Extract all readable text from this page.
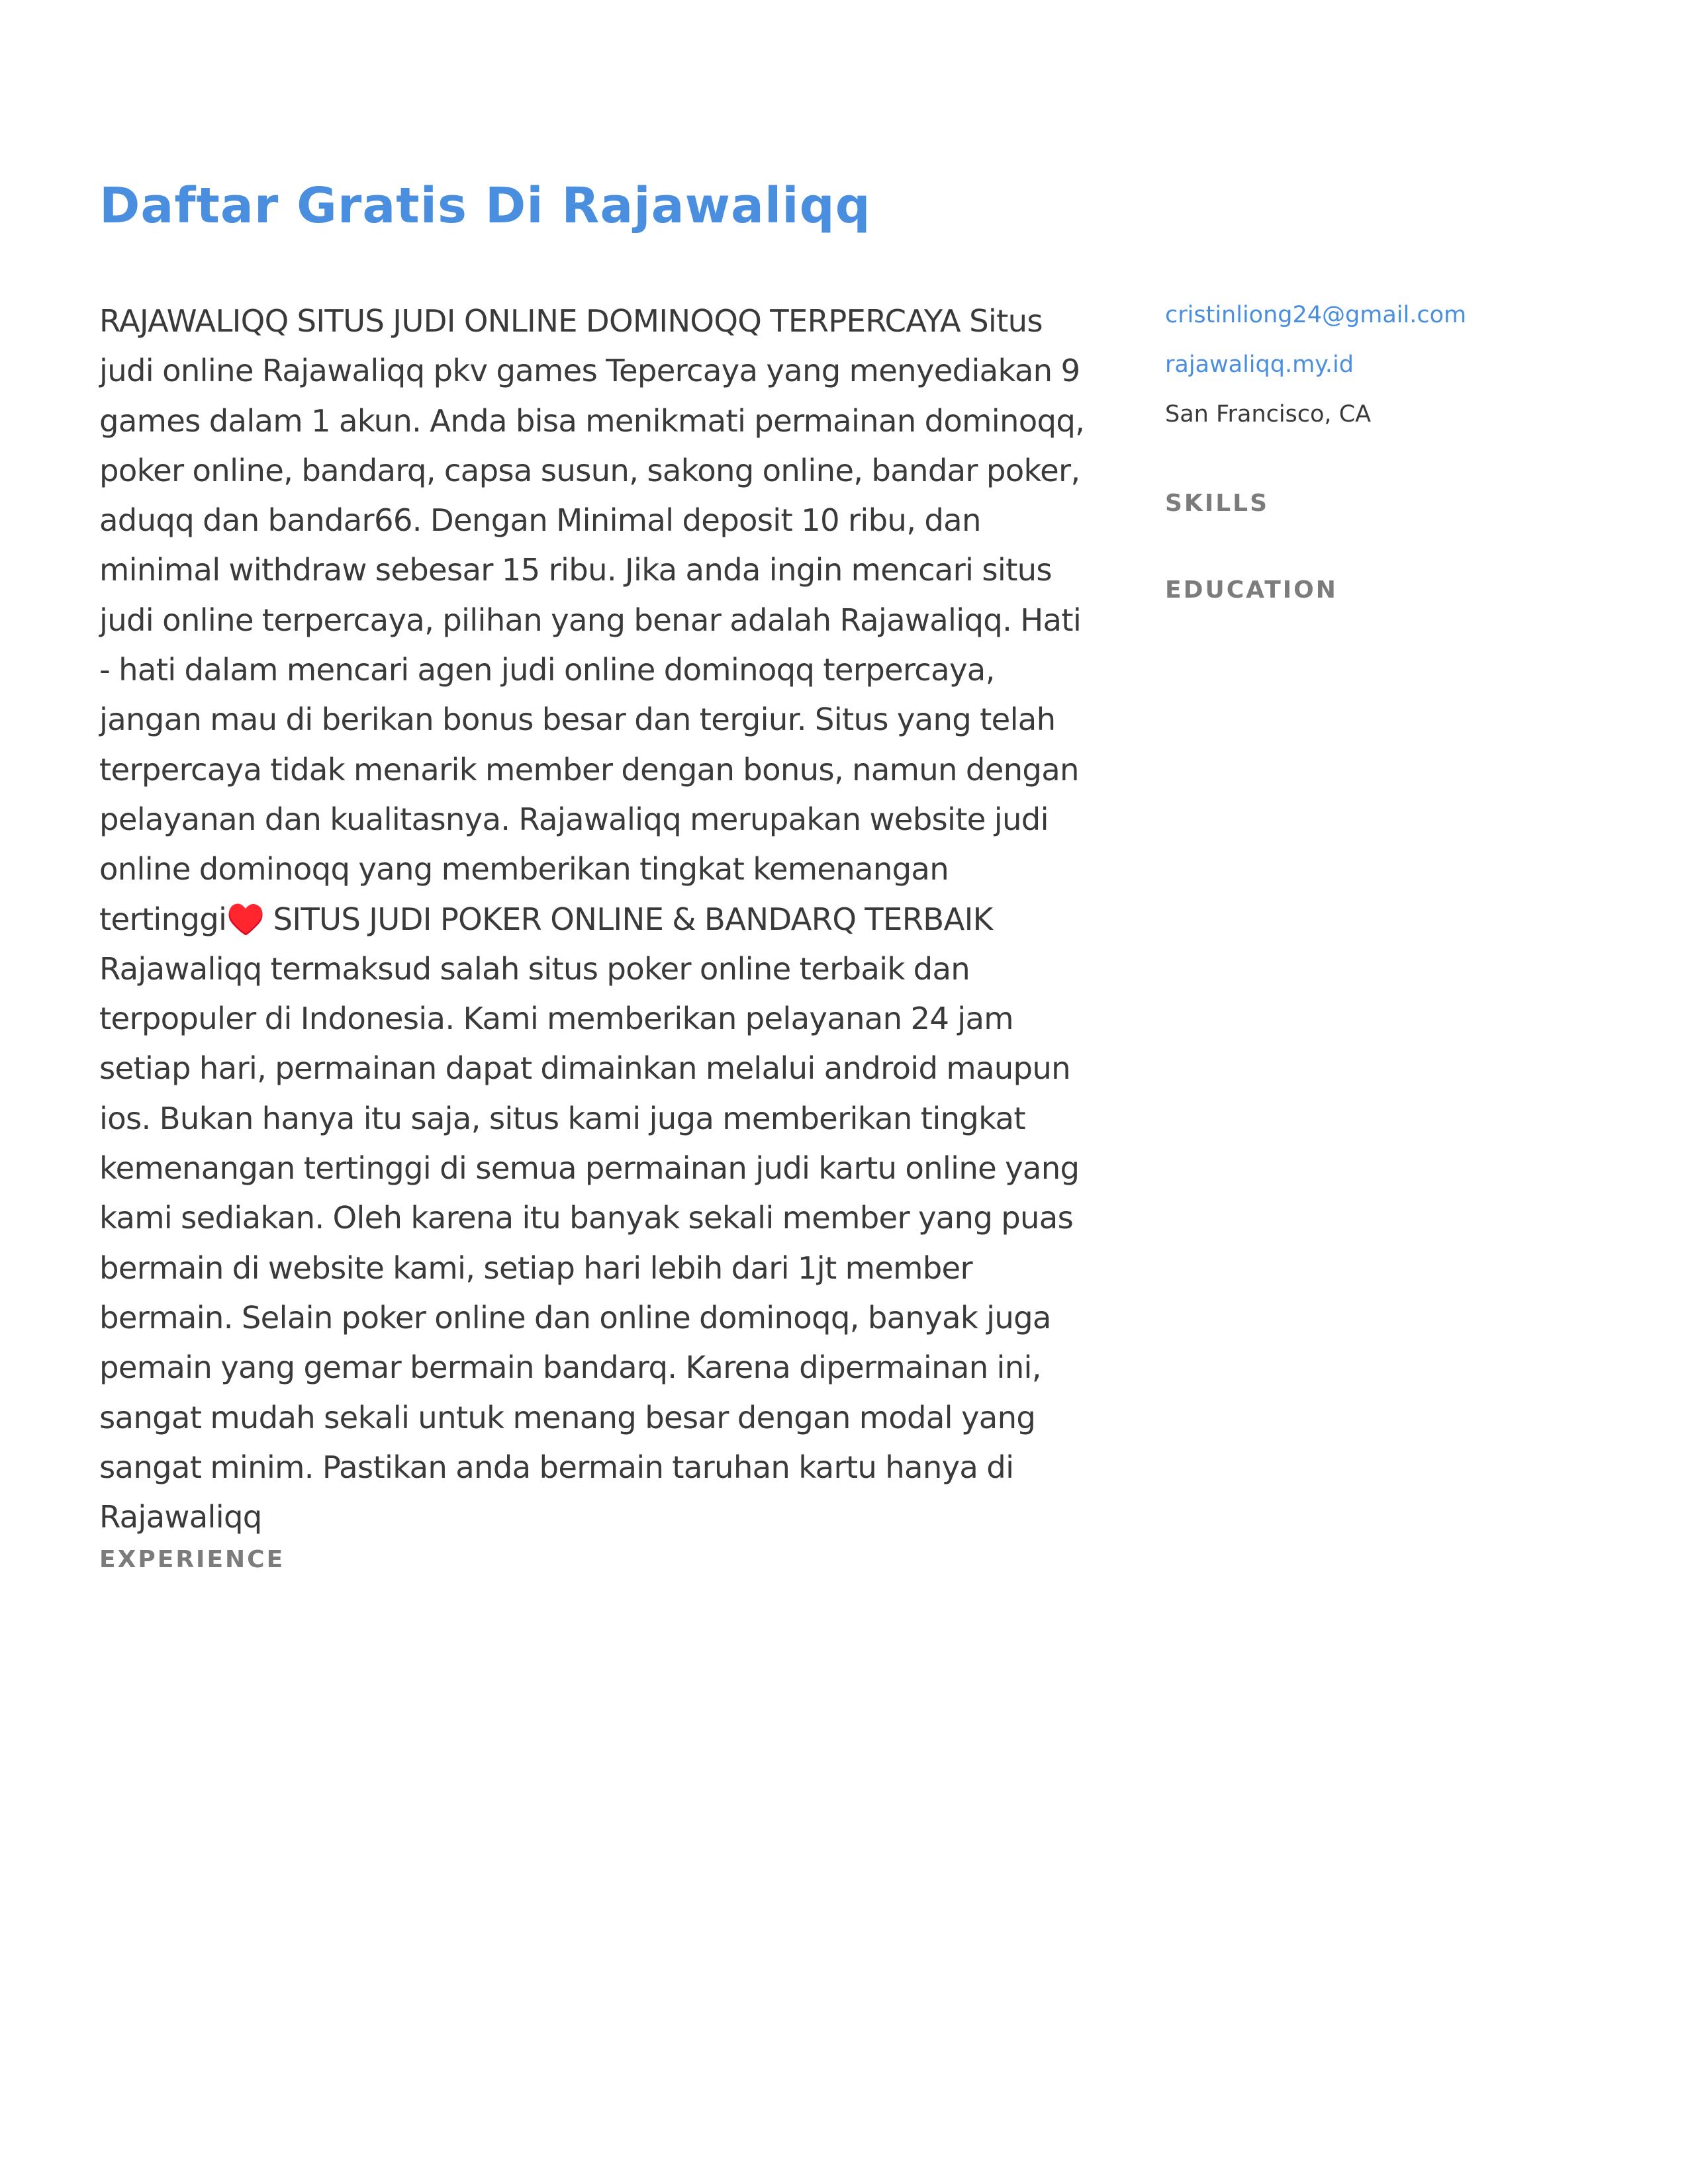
Daftar Gratis Di Rajawaliqq

RAJAWALIQQ SITUS JUDI ONLINE DOMINOQQ TERPERCAYA Situs judi online Rajawaliqq pkv games Tepercaya yang menyediakan 9 games dalam 1 akun. Anda bisa menikmati permainan dominoqq, poker online, bandarq, capsa susun, sakong online, bandar poker, aduqq dan bandar66. Dengan Minimal deposit 10 ribu, dan minimal withdraw sebesar 15 ribu. Jika anda ingin mencari situs judi online terpercaya, pilihan yang benar adalah Rajawaliqq. Hati - hati dalam mencari agen judi online dominoqq terpercaya, jangan mau di berikan bonus besar dan tergiur. Situs yang telah terpercaya tidak menarik member dengan bonus, namun dengan pelayanan dan kualitasnya. Rajawaliqq merupakan website judi online dominoqq yang memberikan tingkat kemenangan tertinggi♥️ SITUS JUDI POKER ONLINE & BANDARQ TERBAIK Rajawaliqq termaksud salah situs poker online terbaik dan terpopuler di Indonesia. Kami memberikan pelayanan 24 jam setiap hari, permainan dapat dimainkan melalui android maupun ios. Bukan hanya itu saja, situs kami juga memberikan tingkat kemenangan tertinggi di semua permainan judi kartu online yang kami sediakan. Oleh karena itu banyak sekali member yang puas bermain di website kami, setiap hari lebih dari 1jt member bermain. Selain poker online dan online dominoqq, banyak juga pemain yang gemar bermain bandarq. Karena dipermainan ini, sangat mudah sekali untuk menang besar dengan modal yang sangat minim. Pastikan anda bermain taruhan kartu hanya di Rajawaliqq

EXPERIENCE
cristinliong24@gmail.com
rajawaliqq.my.id
San Francisco, CA
SKILLS
EDUCATION
